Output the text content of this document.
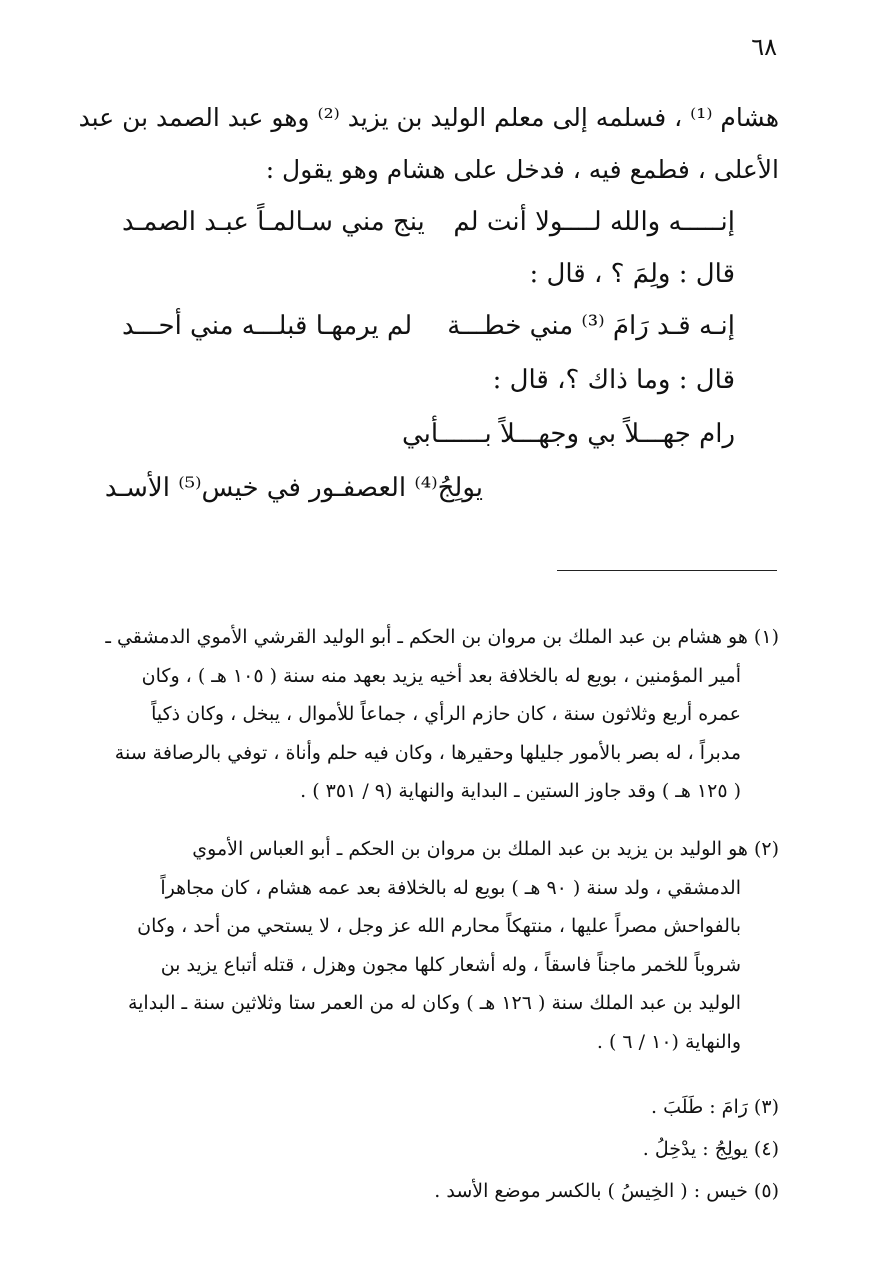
٦٨
هشام ⁽¹⁾ ، فسلمه إلى معلم الوليد بن يزيد ⁽²⁾ وهو عبد الصمد بن عبد
الأعلى ، فطمع فيه ، فدخل على هشام وهو يقول :
إنـــــه والله لــــولا أنت لم
ينج مني سـالمـاً عبـد الصمـد
قال : ولِمَ ؟ ، قال :
إنـه قـد رَامَ ⁽³⁾ مني خطـــة
لم يرمهـا قبلـــه مني أحـــد
قال : وما ذاك ؟، قال :
رام جهـــلاً بي وجهـــلاً بــــــأبي
يولِجُ⁽⁴⁾ العصفـور في خيس⁽⁵⁾ الأسـد
(١) هو هشام بن عبد الملك بن مروان بن الحكم ـ أبو الوليد القرشي الأموي الدمشقي ـ
أمير المؤمنين ، بويع له بالخلافة بعد أخيه يزيد بعهد منه سنة ( ١٠٥ هـ ) ، وكان
عمره أربع وثلاثون سنة ، كان حازم الرأي ، جماعاً للأموال ، يبخل ، وكان ذكياً
مدبراً ، له بصر بالأمور جليلها وحقيرها ، وكان فيه حلم وأناة ، توفي بالرصافة سنة
( ١٢٥ هـ ) وقد جاوز الستين ـ البداية والنهاية (٩ / ٣٥١ ) .
(٢) هو الوليد بن يزيد بن عبد الملك بن مروان بن الحكم ـ أبو العباس الأموي
الدمشقي ، ولد سنة ( ٩٠ هـ ) بويع له بالخلافة بعد عمه هشام ، كان مجاهراً
بالفواحش مصراً عليها ، منتهكاً محارم الله عز وجل ، لا يستحي من أحد ، وكان
شروباً للخمر ماجناً فاسقاً ، وله أشعار كلها مجون وهزل ، قتله أتباع يزيد بن
الوليد بن عبد الملك سنة ( ١٢٦ هـ ) وكان له من العمر ستا وثلاثين سنة ـ البداية
والنهاية (١٠ / ٦ ) .
(٣) رَامَ : طَلَبَ .
(٤) يولِجُ : يدْخِلُ .
(٥) خيس : ( الخِيسُ ) بالكسر موضع الأسد .
